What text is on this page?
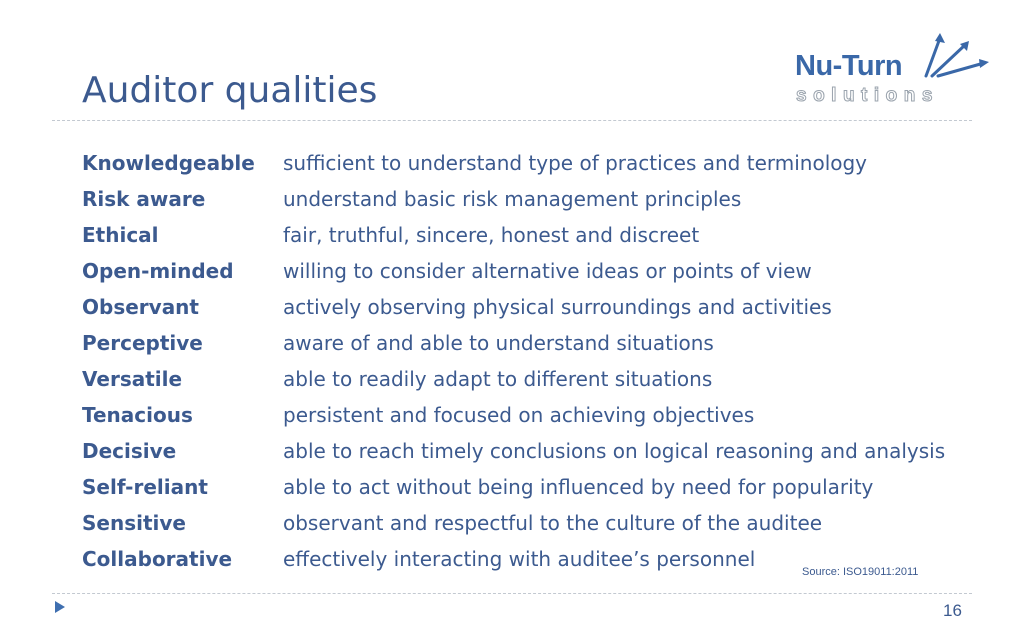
Auditor qualities
Nu-Turn
solutions
Knowledgeable	sufficient to understand type of practices and terminology
Risk aware	understand basic risk management principles
Ethical	fair, truthful, sincere, honest and discreet
Open-minded	willing to consider alternative ideas or points of view
Observant	actively observing physical surroundings and activities
Perceptive	aware of and able to understand situations
Versatile	able to readily adapt to different situations
Tenacious	persistent and focused on achieving objectives
Decisive	able to reach timely conclusions on logical reasoning and analysis
Self-reliant	able to act without being influenced by need for popularity
Sensitive	observant and respectful to the culture of the auditee
Collaborative	effectively interacting with auditee’s personnel
Source: ISO19011:2011
16
